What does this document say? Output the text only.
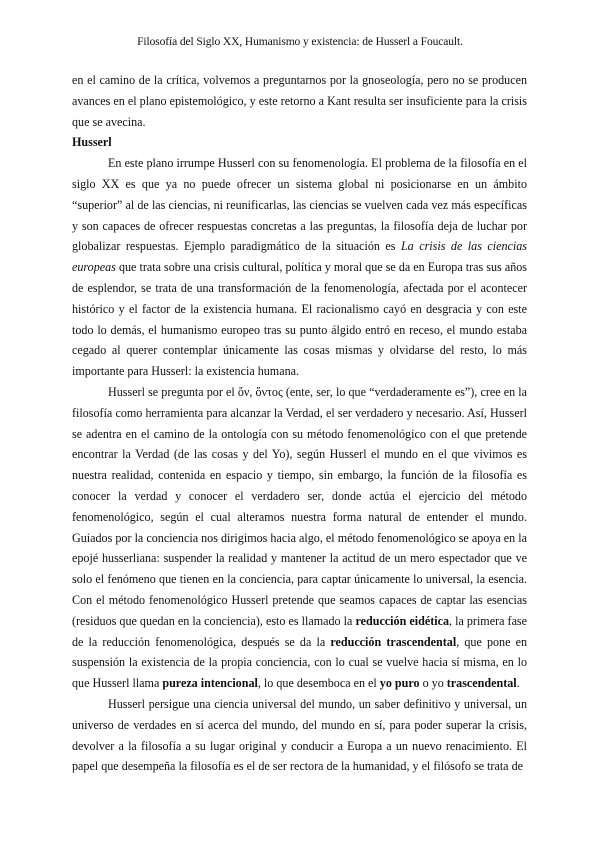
Filosofía del Siglo XX, Humanismo y existencia: de Husserl a Foucault.

en el camino de la crítica, volvemos a preguntarnos por la gnoseología, pero no se producen avances en el plano epistemológico, y este retorno a Kant resulta ser insuficiente para la crisis que se avecina.

Husserl

En este plano irrumpe Husserl con su fenomenología. El problema de la filosofía en el siglo XX es que ya no puede ofrecer un sistema global ni posicionarse en un ámbito “superior” al de las ciencias, ni reunificarlas, las ciencias se vuelven cada vez más específicas y son capaces de ofrecer respuestas concretas a las preguntas, la filosofía deja de luchar por globalizar respuestas. Ejemplo paradigmático de la situación es La crisis de las ciencias europeas que trata sobre una crisis cultural, política y moral que se da en Europa tras sus años de esplendor, se trata de una transformación de la fenomenología, afectada por el acontecer histórico y el factor de la existencia humana. El racionalismo cayó en desgracia y con este todo lo demás, el humanismo europeo tras su punto álgido entró en receso, el mundo estaba cegado al querer contemplar únicamente las cosas mismas y olvidarse del resto, lo más importante para Husserl: la existencia humana.

Husserl se pregunta por el ὄν, ὄντος (ente, ser, lo que “verdaderamente es”), cree en la filosofía como herramienta para alcanzar la Verdad, el ser verdadero y necesario. Así, Husserl se adentra en el camino de la ontología con su método fenomenológico con el que pretende encontrar la Verdad (de las cosas y del Yo), según Husserl el mundo en el que vivimos es nuestra realidad, contenida en espacio y tiempo, sin embargo, la función de la filosofía es conocer la verdad y conocer el verdadero ser, donde actúa el ejercicio del método fenomenológico, según el cual alteramos nuestra forma natural de entender el mundo. Guiados por la conciencia nos dirigimos hacia algo, el método fenomenológico se apoya en la epojé husserliana: suspender la realidad y mantener la actitud de un mero espectador que ve solo el fenómeno que tienen en la conciencia, para captar únicamente lo universal, la esencia. Con el método fenomenológico Husserl pretende que seamos capaces de captar las esencias (residuos que quedan en la conciencia), esto es llamado la reducción eidética, la primera fase de la reducción fenomenológica, después se da la reducción trascendental, que pone en suspensión la existencia de la propia conciencia, con lo cual se vuelve hacia sí misma, en lo que Husserl llama pureza intencional, lo que desemboca en el yo puro o yo trascendental.

Husserl persigue una ciencia universal del mundo, un saber definitivo y universal, un universo de verdades en sí acerca del mundo, del mundo en sí, para poder superar la crisis, devolver a la filosofía a su lugar original y conducir a Europa a un nuevo renacimiento. El papel que desempeña la filosofía es el de ser rectora de la humanidad, y el filósofo se trata de
